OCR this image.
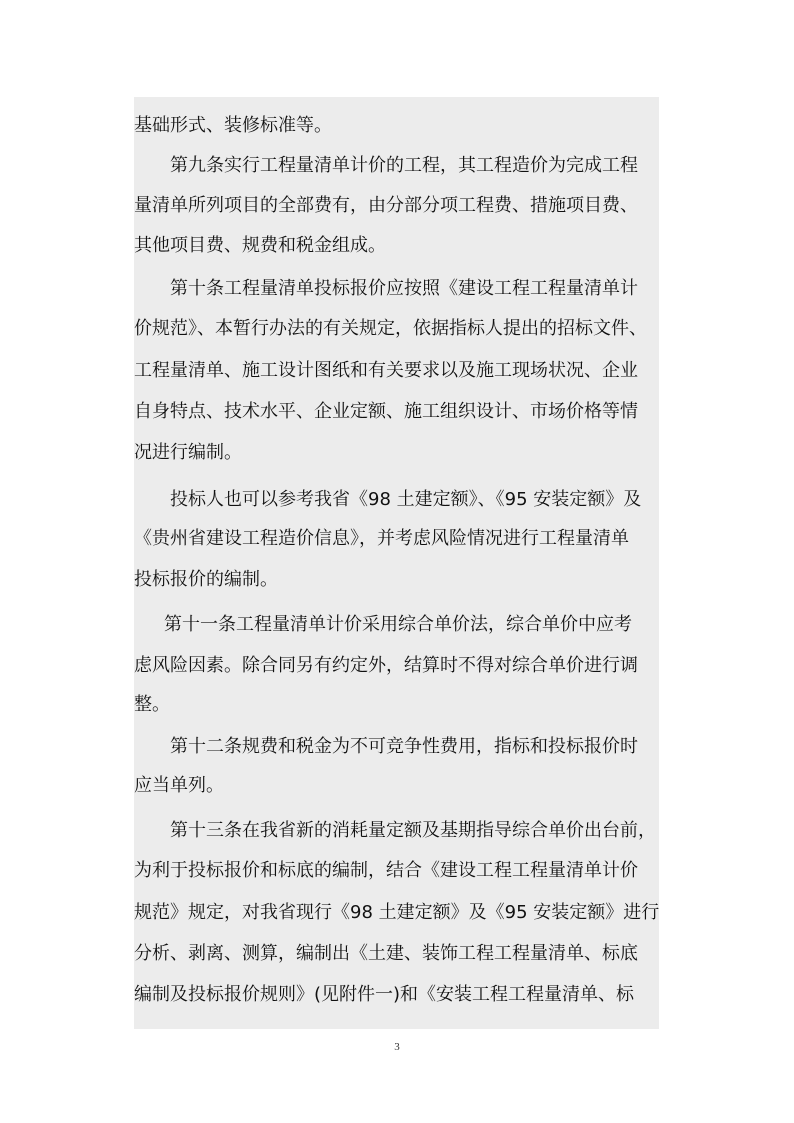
基础形式、装修标准等。
第九条实行工程量清单计价的工程，其工程造价为完成工程
量清单所列项目的全部费有，由分部分项工程费、措施项目费、
其他项目费、规费和税金组成。
第十条工程量清单投标报价应按照《建设工程工程量清单计
价规范》、本暂行办法的有关规定，依据指标人提出的招标文件、
工程量清单、施工设计图纸和有关要求以及施工现场状况、企业
自身特点、技术水平、企业定额、施工组织设计、市场价格等情
况进行编制。
投标人也可以参考我省《98 土建定额》、《95 安装定额》及
《贵州省建设工程造价信息》，并考虑风险情况进行工程量清单
投标报价的编制。
第十一条工程量清单计价采用综合单价法，综合单价中应考
虑风险因素。除合同另有约定外，结算时不得对综合单价进行调
整。
第十二条规费和税金为不可竞争性费用，指标和投标报价时
应当单列。
第十三条在我省新的消耗量定额及基期指导综合单价出台前，
为利于投标报价和标底的编制，结合《建设工程工程量清单计价
规范》规定，对我省现行《98 土建定额》及《95 安装定额》进行
分析、剥离、测算，编制出《土建、装饰工程工程量清单、标底
编制及投标报价规则》(见附件一)和《安装工程工程量清单、标
3
